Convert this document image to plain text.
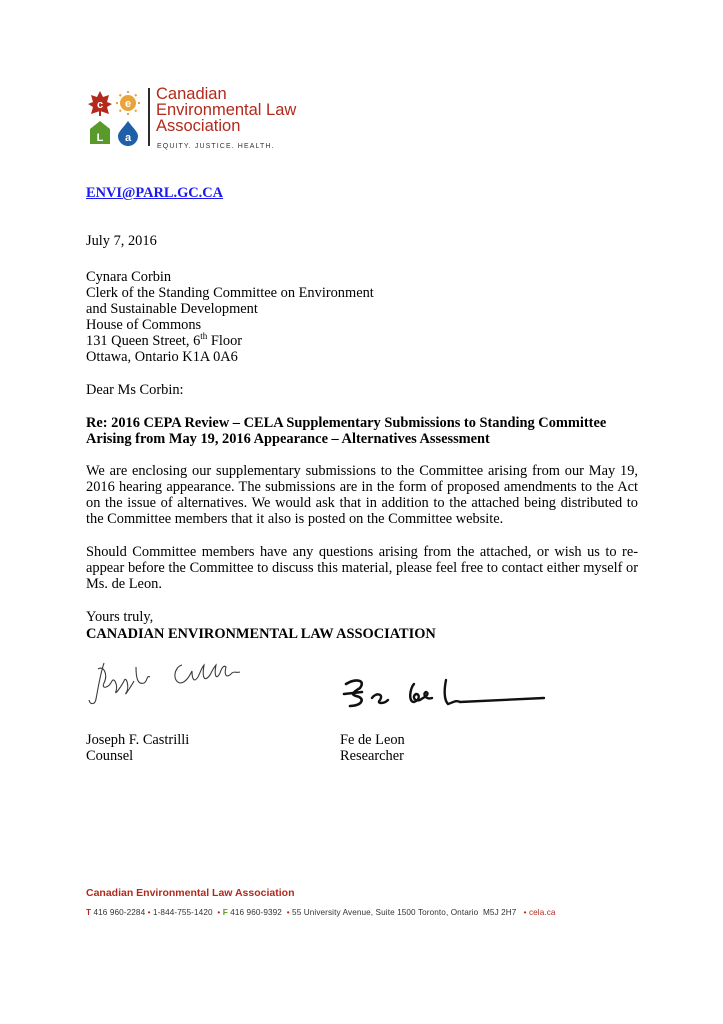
c e
L a
Canadian
Environmental Law
Association
EQUITY. JUSTICE. HEALTH.
ENVI@PARL.GC.CA
July 7, 2016
Cynara Corbin
Clerk of the Standing Committee on Environment
and Sustainable Development
House of Commons
131 Queen Street, 6th Floor
Ottawa, Ontario K1A 0A6
Dear Ms Corbin:
Re: 2016 CEPA Review – CELA Supplementary Submissions to Standing Committee
Arising from May 19, 2016 Appearance – Alternatives Assessment
We are enclosing our supplementary submissions to the Committee arising from our May 19, 2016 hearing appearance. The submissions are in the form of proposed amendments to the Act on the issue of alternatives. We would ask that in addition to the attached being distributed to the Committee members that it also is posted on the Committee website.
Should Committee members have any questions arising from the attached, or wish us to re-appear before the Committee to discuss this material, please feel free to contact either myself or Ms. de Leon.
Yours truly,
CANADIAN ENVIRONMENTAL LAW ASSOCIATION
Joseph F. Castrilli
Counsel
Fe de Leon
Researcher
Canadian Environmental Law Association
T 416 960-2284 • 1-844-755-1420 • F 416 960-9392 • 55 University Avenue, Suite 1500 Toronto, Ontario  M5J 2H7 • cela.ca
